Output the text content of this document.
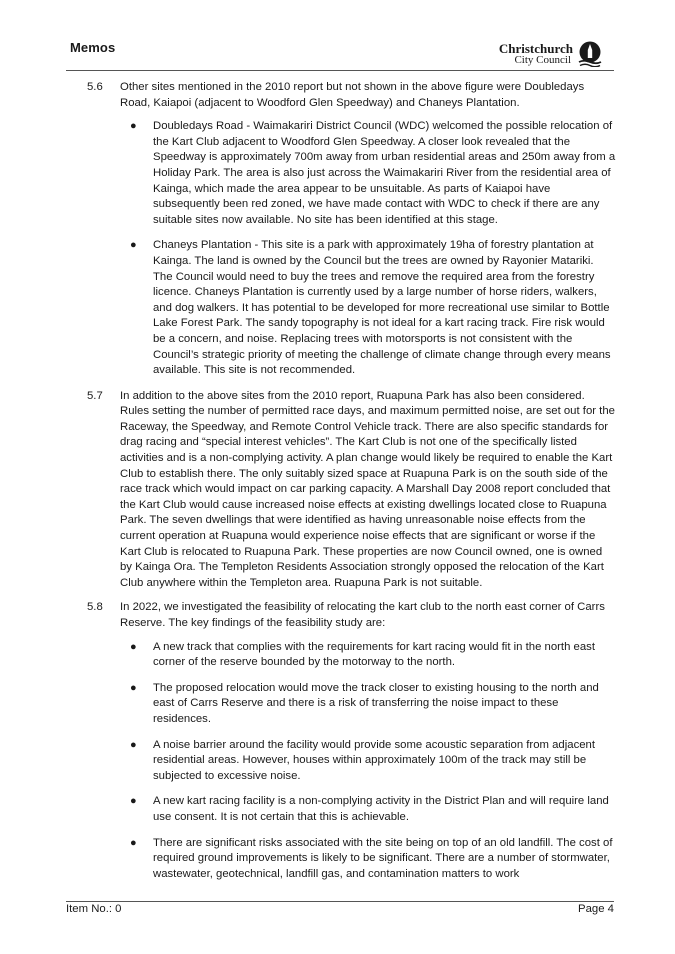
Memos	Christchurch
City Council
5.6 Other sites mentioned in the 2010 report but not shown in the above figure were Doubledays Road, Kaiapoi (adjacent to Woodford Glen Speedway) and Chaneys Plantation.

● Doubledays Road - Waimakariri District Council (WDC) welcomed the possible relocation of the Kart Club adjacent to Woodford Glen Speedway. A closer look revealed that the Speedway is approximately 700m away from urban residential areas and 250m away from a Holiday Park. The area is also just across the Waimakariri River from the residential area of Kainga, which made the area appear to be unsuitable. As parts of Kaiapoi have subsequently been red zoned, we have made contact with WDC to check if there are any suitable sites now available. No site has been identified at this stage.
● Chaneys Plantation - This site is a park with approximately 19ha of forestry plantation at Kainga. The land is owned by the Council but the trees are owned by Rayonier Matariki. The Council would need to buy the trees and remove the required area from the forestry licence. Chaneys Plantation is currently used by a large number of horse riders, walkers, and dog walkers. It has potential to be developed for more recreational use similar to Bottle Lake Forest Park. The sandy topography is not ideal for a kart racing track. Fire risk would be a concern, and noise. Replacing trees with motorsports is not consistent with the Council’s strategic priority of meeting the challenge of climate change through every means available. This site is not recommended.
5.7 In addition to the above sites from the 2010 report, Ruapuna Park has also been considered. Rules setting the number of permitted race days, and maximum permitted noise, are set out for the Raceway, the Speedway, and Remote Control Vehicle track. There are also specific standards for drag racing and “special interest vehicles”. The Kart Club is not one of the specifically listed activities and is a non-complying activity. A plan change would likely be required to enable the Kart Club to establish there. The only suitably sized space at Ruapuna Park is on the south side of the race track which would impact on car parking capacity. A Marshall Day 2008 report concluded that the Kart Club would cause increased noise effects at existing dwellings located close to Ruapuna Park. The seven dwellings that were identified as having unreasonable noise effects from the current operation at Ruapuna would experience noise effects that are significant or worse if the Kart Club is relocated to Ruapuna Park. These properties are now Council owned, one is owned by Kainga Ora. The Templeton Residents Association strongly opposed the relocation of the Kart Club anywhere within the Templeton area. Ruapuna Park is not suitable.

5.8 In 2022, we investigated the feasibility of relocating the kart club to the north east corner of Carrs Reserve. The key findings of the feasibility study are:

● A new track that complies with the requirements for kart racing would fit in the north east corner of the reserve bounded by the motorway to the north.
● The proposed relocation would move the track closer to existing housing to the north and east of Carrs Reserve and there is a risk of transferring the noise impact to these residences.
● A noise barrier around the facility would provide some acoustic separation from adjacent residential areas. However, houses within approximately 100m of the track may still be subjected to excessive noise.
● A new kart racing facility is a non-complying activity in the District Plan and will require land use consent. It is not certain that this is achievable.
● There are significant risks associated with the site being on top of an old landfill. The cost of required ground improvements is likely to be significant. There are a number of stormwater, wastewater, geotechnical, landfill gas, and contamination matters to work
Item No.: 0	Page 4
